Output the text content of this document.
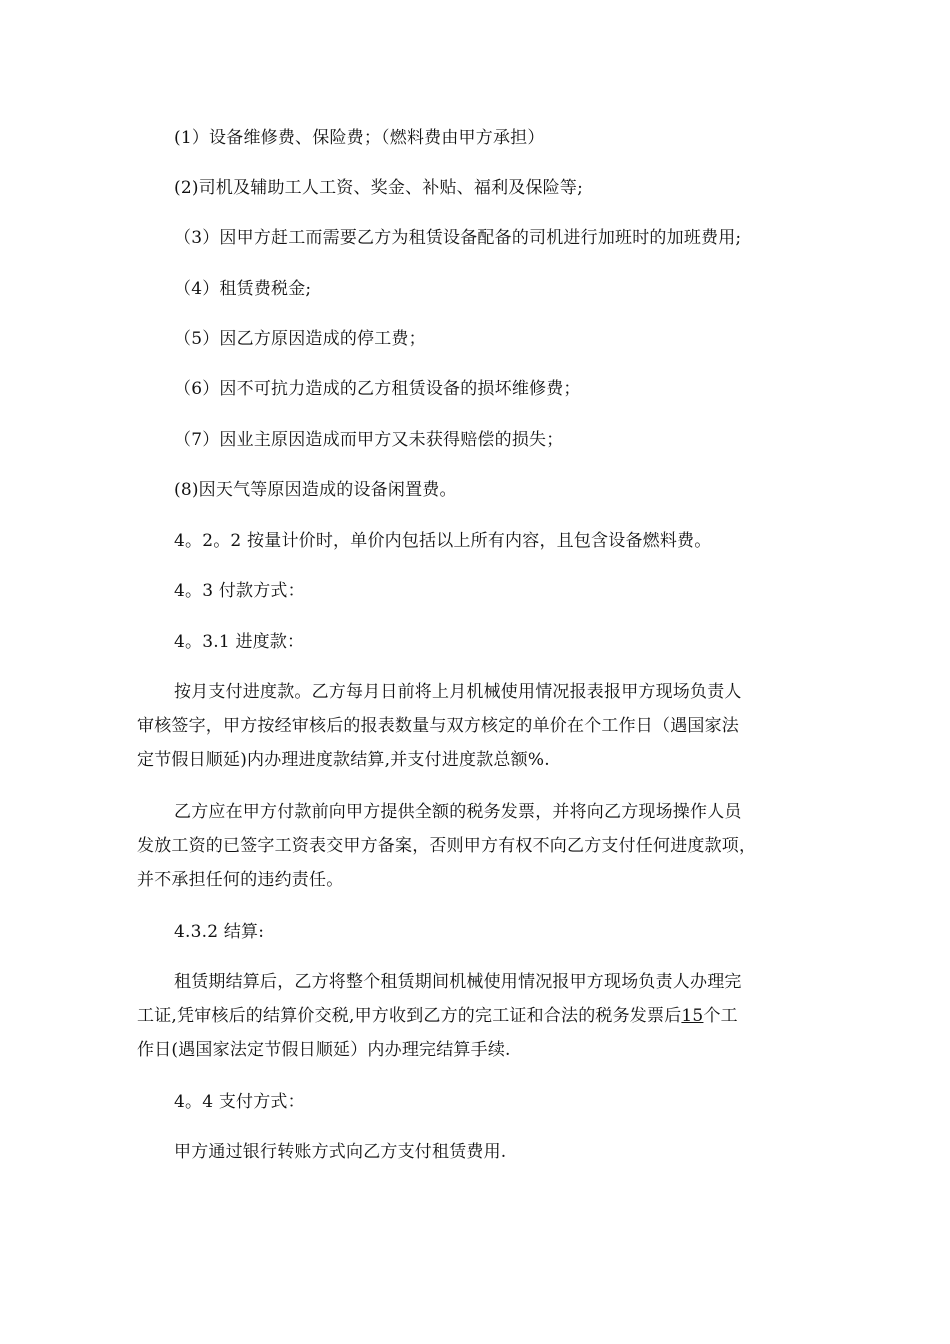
(1）设备维修费、保险费；（燃料费由甲方承担）
(2)司机及辅助工人工资、奖金、补贴、福利及保险等;
（3）因甲方赶工而需要乙方为租赁设备配备的司机进行加班时的加班费用;
（4）租赁费税金;
（5）因乙方原因造成的停工费；
（6）因不可抗力造成的乙方租赁设备的损坏维修费；
（7）因业主原因造成而甲方又未获得赔偿的损失；
(8)因天气等原因造成的设备闲置费。
4。2。2 按量计价时，单价内包括以上所有内容，且包含设备燃料费。
4。3 付款方式：
4。3.1 进度款：
按月支付进度款。乙方每月日前将上月机械使用情况报表报甲方现场负责人
审核签字，甲方按经审核后的报表数量与双方核定的单价在个工作日（遇国家法
定节假日顺延)内办理进度款结算,并支付进度款总额%.
乙方应在甲方付款前向甲方提供全额的税务发票，并将向乙方现场操作人员
发放工资的已签字工资表交甲方备案，否则甲方有权不向乙方支付任何进度款项，
并不承担任何的违约责任。
4.3.2 结算:
租赁期结算后，乙方将整个租赁期间机械使用情况报甲方现场负责人办理完
工证,凭审核后的结算价交税,甲方收到乙方的完工证和合法的税务发票后15个工
作日(遇国家法定节假日顺延）内办理完结算手续.
4。4 支付方式：
甲方通过银行转账方式向乙方支付租赁费用.
